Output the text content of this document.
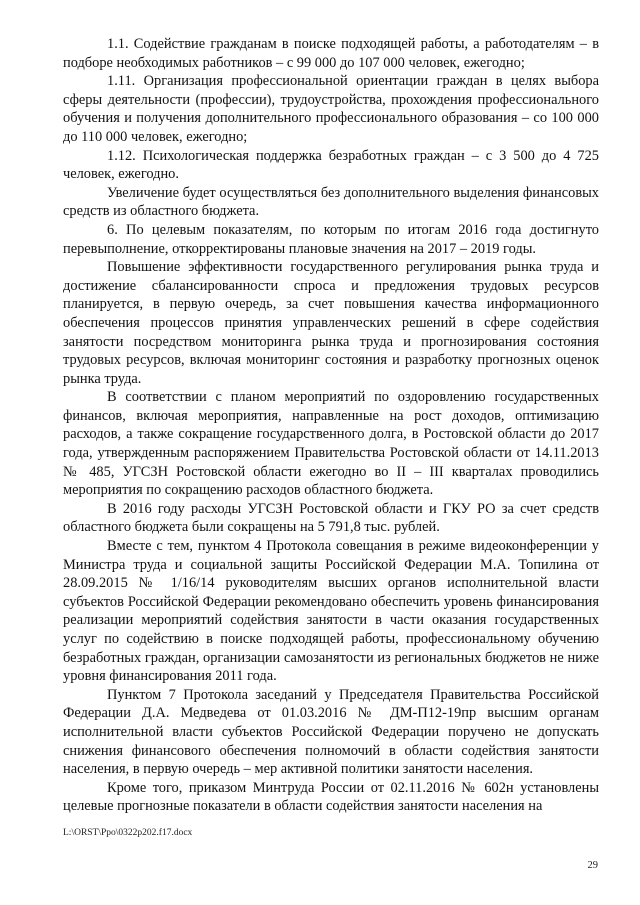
1.1. Содействие гражданам в поиске подходящей работы, а работодателям – в подборе необходимых работников – с 99 000 до 107 000 человек, ежегодно;

1.11. Организация профессиональной ориентации граждан в целях выбора сферы деятельности (профессии), трудоустройства, прохождения профессионального обучения и получения дополнительного профессионального образования – со 100 000 до 110 000 человек, ежегодно;

1.12. Психологическая поддержка безработных граждан – с 3 500 до 4 725 человек, ежегодно.

Увеличение будет осуществляться без дополнительного выделения финансовых средств из областного бюджета.

6. По целевым показателям, по которым по итогам 2016 года достигнуто перевыполнение, откорректированы плановые значения на 2017 – 2019 годы.

Повышение эффективности государственного регулирования рынка труда и достижение сбалансированности спроса и предложения трудовых ресурсов планируется, в первую очередь, за счет повышения качества информационного обеспечения процессов принятия управленческих решений в сфере содействия занятости посредством мониторинга рынка труда и прогнозирования состояния трудовых ресурсов, включая мониторинг состояния и разработку прогнозных оценок рынка труда.

В соответствии с планом мероприятий по оздоровлению государственных финансов, включая мероприятия, направленные на рост доходов, оптимизацию расходов, а также сокращение государственного долга, в Ростовской области до 2017 года, утвержденным распоряжением Правительства Ростовской области от 14.11.2013 № 485, УГСЗН Ростовской области ежегодно во II – III кварталах проводились мероприятия по сокращению расходов областного бюджета.

В 2016 году расходы УГСЗН Ростовской области и ГКУ РО за счет средств областного бюджета были сокращены на 5 791,8 тыс. рублей.

Вместе с тем, пунктом 4 Протокола совещания в режиме видеоконференции у Министра труда и социальной защиты Российской Федерации М.А. Топилина от 28.09.2015 № 1/16/14 руководителям высших органов исполнительной власти субъектов Российской Федерации рекомендовано обеспечить уровень финансирования реализации мероприятий содействия занятости в части оказания государственных услуг по содействию в поиске подходящей работы, профессиональному обучению безработных граждан, организации самозанятости из региональных бюджетов не ниже уровня финансирования 2011 года.

Пунктом 7 Протокола заседаний у Председателя Правительства Российской Федерации Д.А. Медведева от 01.03.2016 № ДМ-П12-19пр высшим органам исполнительной власти субъектов Российской Федерации поручено не допускать снижения финансового обеспечения полномочий в области содействия занятости населения, в первую очередь – мер активной политики занятости населения.

Кроме того, приказом Минтруда России от 02.11.2016 № 602н установлены целевые прогнозные показатели в области содействия занятости населения на

L:\ORST\Ppo\0322p202.f17.docx
29
